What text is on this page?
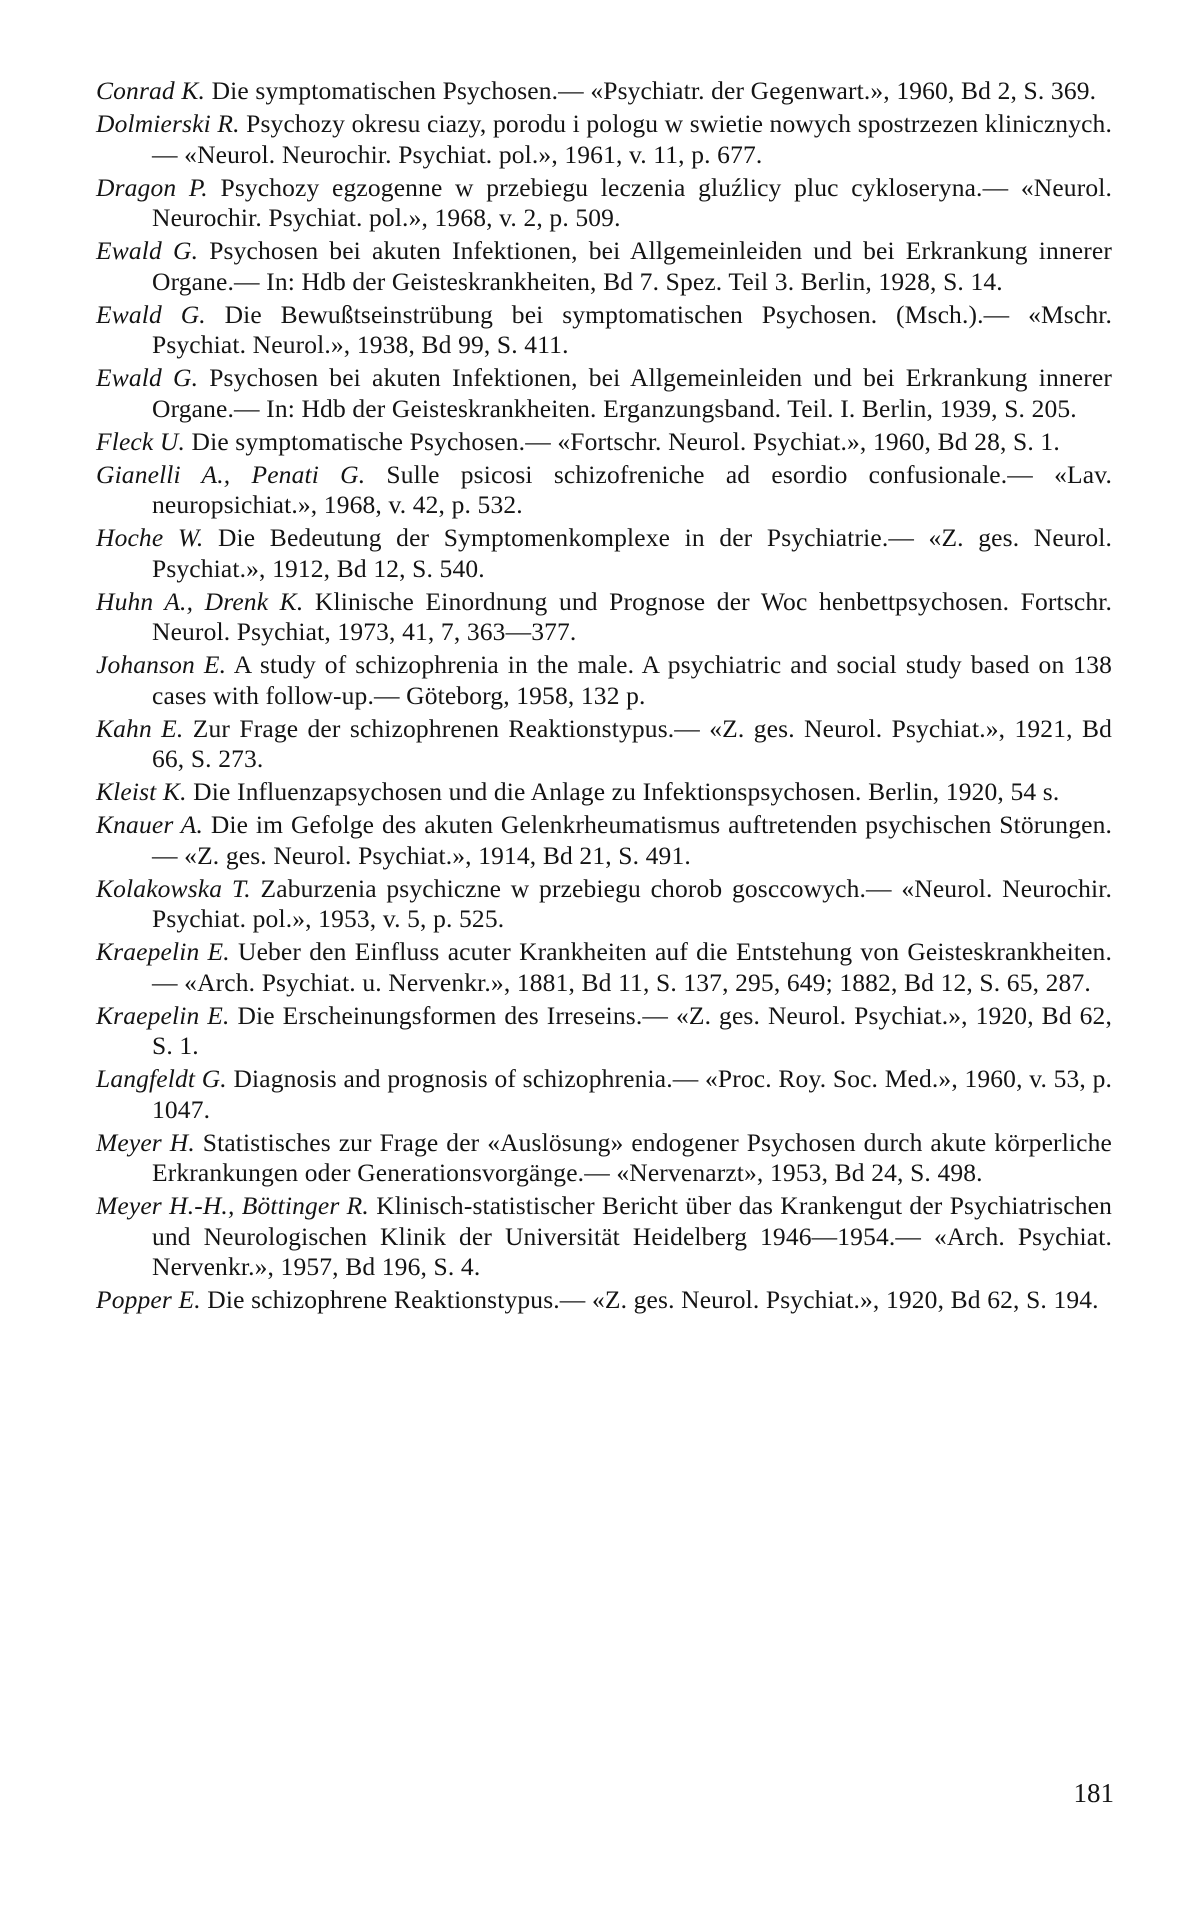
Conrad K. Die symptomatischen Psychosen.— «Psychiatr. der Gegenwart.», 1960, Bd 2, S. 369.
Dolmierski R. Psychozy okresu ciazy, porodu i pologu w swietie nowych spostrzezen klinicznych.— «Neurol. Neurochir. Psychiat. pol.», 1961, v. 11, p. 677.
Dragon P. Psychozy egzogenne w przebiegu leczenia gluźlicy pluc cykloseryna.— «Neurol. Neurochir. Psychiat. pol.», 1968, v. 2, p. 509.
Ewald G. Psychosen bei akuten Infektionen, bei Allgemeinleiden und bei Erkrankung innerer Organe.— In: Hdb der Geisteskrankheiten, Bd 7. Spez. Teil 3. Berlin, 1928, S. 14.
Ewald G. Die Bewußtseinstrübung bei symptomatischen Psychosen. (Msch.).— «Mschr. Psychiat. Neurol.», 1938, Bd 99, S. 411.
Ewald G. Psychosen bei akuten Infektionen, bei Allgemeinleiden und bei Erkrankung innerer Organe.— In: Hdb der Geisteskrankheiten. Erganzungsband. Teil. I. Berlin, 1939, S. 205.
Fleck U. Die symptomatische Psychosen.— «Fortschr. Neurol. Psychiat.», 1960, Bd 28, S. 1.
Gianelli A., Penati G. Sulle psicosi schizofreniche ad esordio confusionale.— «Lav. neuropsichiat.», 1968, v. 42, p. 532.
Hoche W. Die Bedeutung der Symptomenkomplexe in der Psychiatrie.— «Z. ges. Neurol. Psychiat.», 1912, Bd 12, S. 540.
Huhn A., Drenk K. Klinische Einordnung und Prognose der Woc henbettpsychosen. Fortschr. Neurol. Psychiat, 1973, 41, 7, 363—377.
Johanson E. A study of schizophrenia in the male. A psychiatric and social study based on 138 cases with follow-up.— Göteborg, 1958, 132 p.
Kahn E. Zur Frage der schizophrenen Reaktionstypus.— «Z. ges. Neurol. Psychiat.», 1921, Bd 66, S. 273.
Kleist K. Die Influenzapsychosen und die Anlage zu Infektionspsychosen. Berlin, 1920, 54 s.
Knauer A. Die im Gefolge des akuten Gelenkrheumatismus auftretenden psychischen Störungen.— «Z. ges. Neurol. Psychiat.», 1914, Bd 21, S. 491.
Kolakowska T. Zaburzenia psychiczne w przebiegu chorob gosccowych.— «Neurol. Neurochir. Psychiat. pol.», 1953, v. 5, p. 525.
Kraepelin E. Ueber den Einfluss acuter Krankheiten auf die Entstehung von Geisteskrankheiten.— «Arch. Psychiat. u. Nervenkr.», 1881, Bd 11, S. 137, 295, 649; 1882, Bd 12, S. 65, 287.
Kraepelin E. Die Erscheinungsformen des Irreseins.— «Z. ges. Neurol. Psychiat.», 1920, Bd 62, S. 1.
Langfeldt G. Diagnosis and prognosis of schizophrenia.— «Proc. Roy. Soc. Med.», 1960, v. 53, p. 1047.
Meyer H. Statistisches zur Frage der «Auslösung» endogener Psychosen durch akute körperliche Erkrankungen oder Generationsvorgänge.— «Nervenarzt», 1953, Bd 24, S. 498.
Meyer H.-H., Böttinger R. Klinisch-statistischer Bericht über das Krankengut der Psychiatrischen und Neurologischen Klinik der Universität Heidelberg 1946—1954.— «Arch. Psychiat. Nervenkr.», 1957, Bd 196, S. 4.
Popper E. Die schizophrene Reaktionstypus.— «Z. ges. Neurol. Psychiat.», 1920, Bd 62, S. 194.
181
